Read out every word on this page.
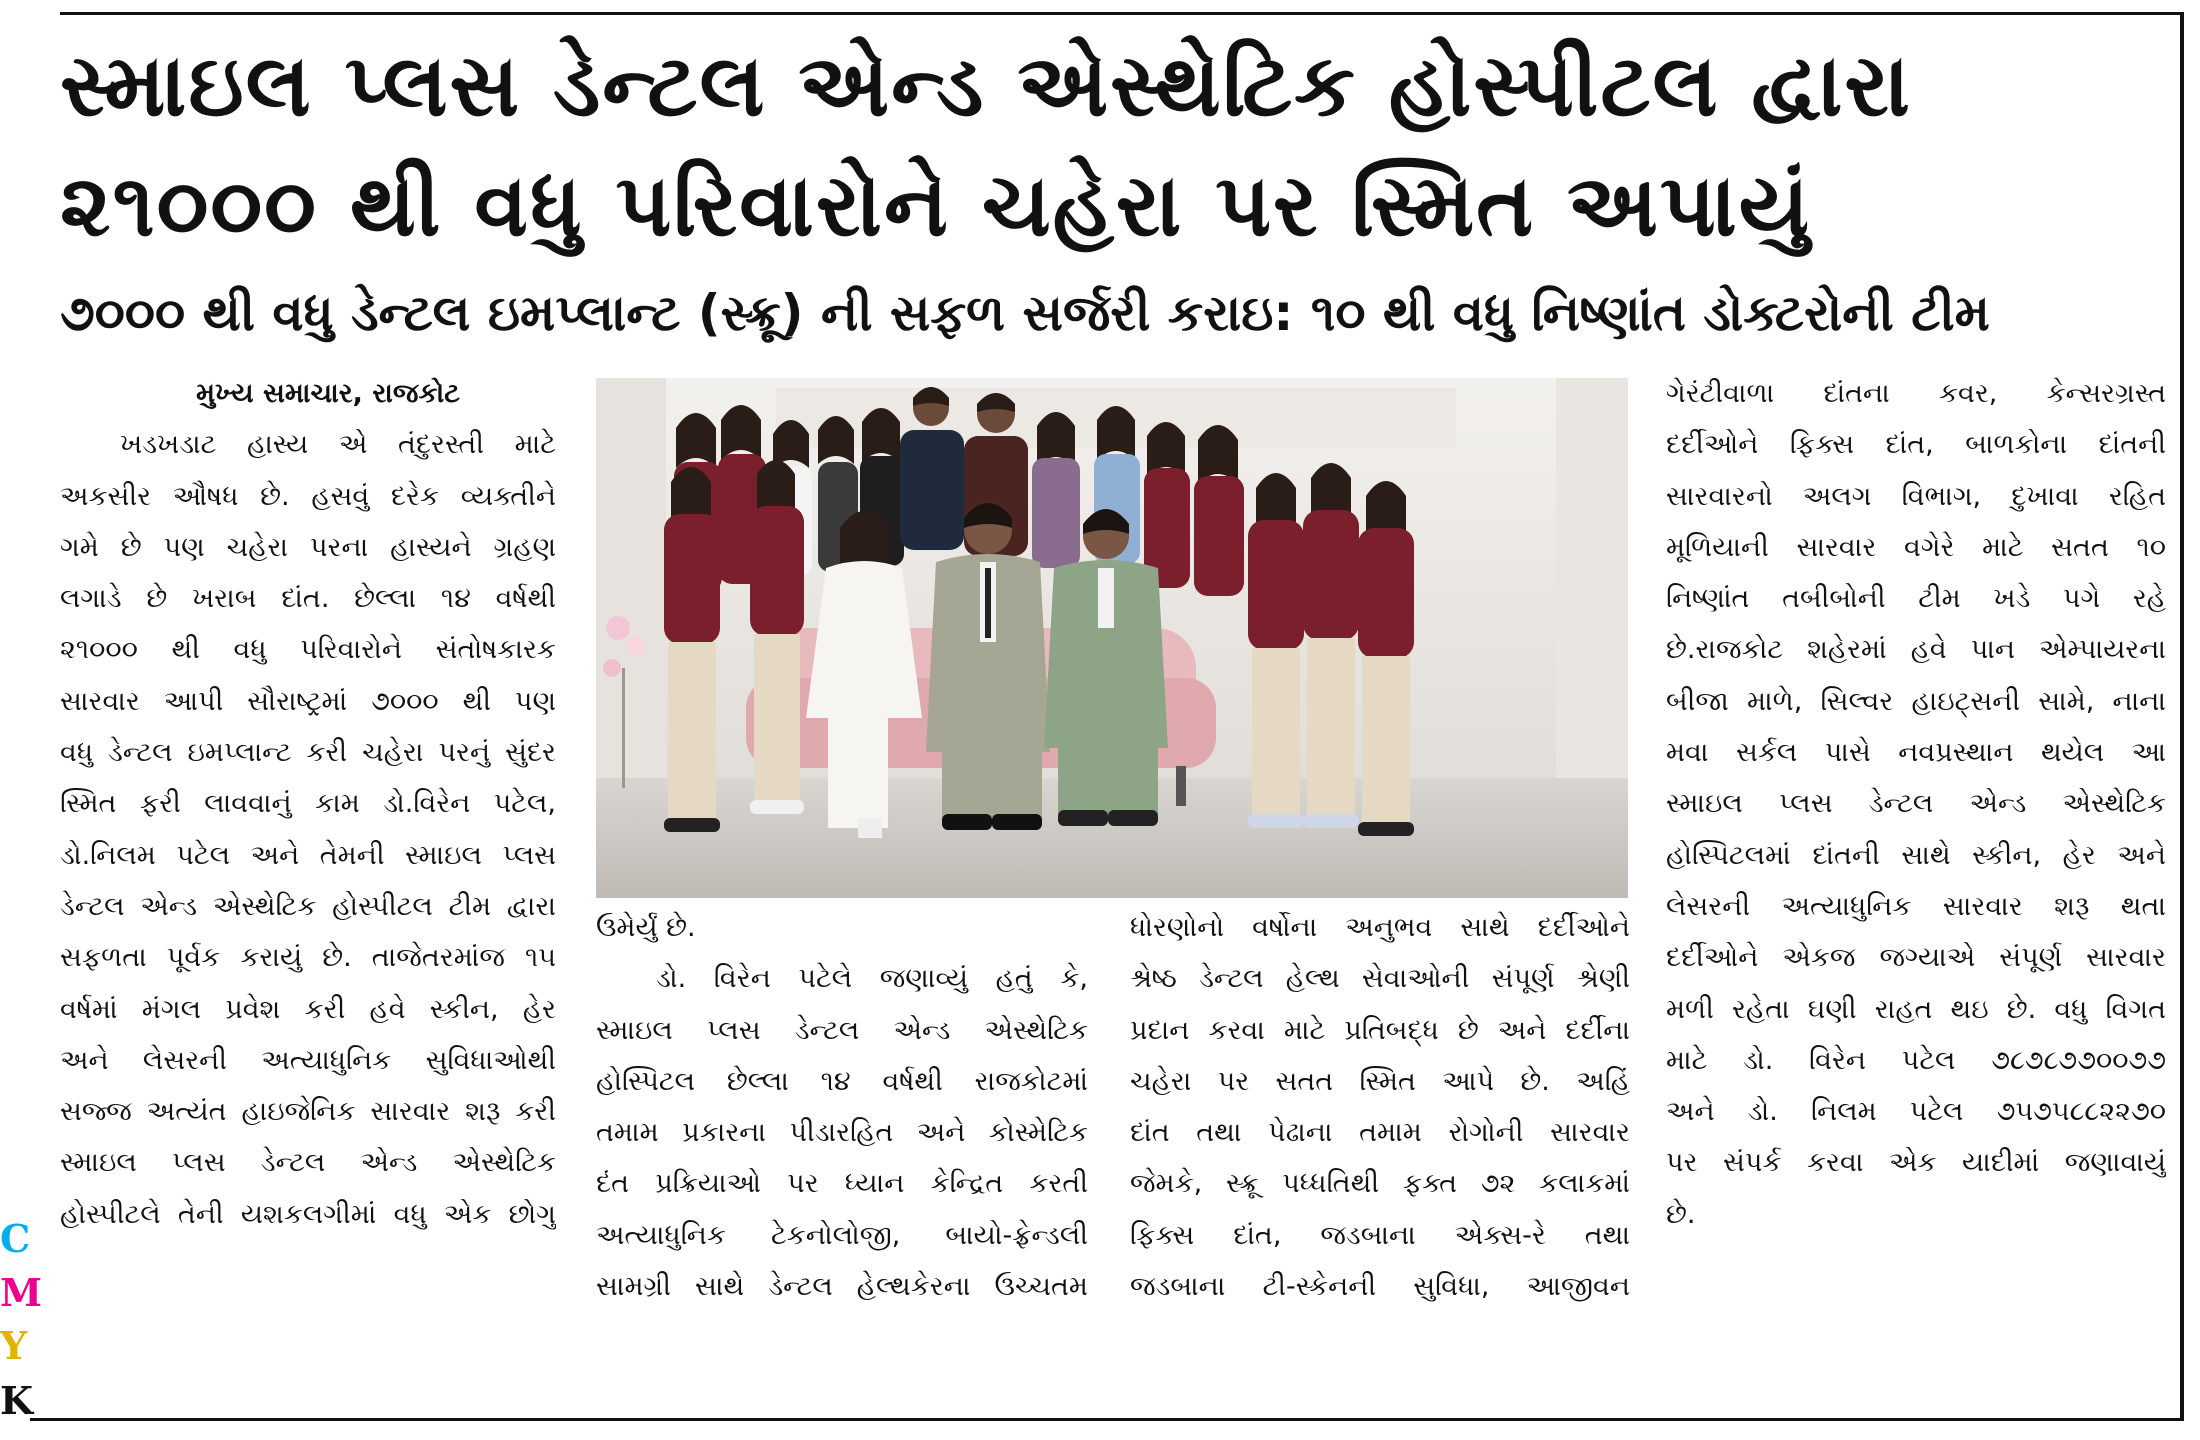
સ્માઇલ પ્લસ ડેન્ટલ એન્ડ એસ્થેટિક હોસ્પીટલ દ્વારા
૨૧૦૦૦ થી વધુ પરિવારોને ચહેરા પર સ્મિત અપાયું
૭૦૦૦ થી વધુ ડેન્ટલ ઇમપ્લાન્ટ (સ્ક્રૂ) ની સફળ સર્જરી કરાઇ: ૧૦ થી વધુ નિષ્ણાંત ડોક્ટરોની ટીમ
મુખ્ય સમાચાર, રાજકોટ
ખડખડાટ હાસ્ય એ તંદુરસ્તી માટે
અકસીર ઔષધ છે. હસવું દરેક વ્યક્તીને
ગમે છે પણ ચહેરા પરના હાસ્યને ગ્રહણ
લગાડે છે ખરાબ દાંત. છેલ્લા ૧૪ વર્ષથી
૨૧૦૦૦ થી વધુ પરિવારોને સંતોષકારક
સારવાર આપી સૌરાષ્ટ્રમાં ૭૦૦૦ થી પણ
વધુ ડેન્ટલ ઇમપ્લાન્ટ કરી ચહેરા પરનું સુંદર
સ્મિત ફરી લાવવાનું કામ ડો.વિરેન પટેલ,
ડો.નિલમ પટેલ અને તેમની સ્માઇલ પ્લસ
ડેન્ટલ એન્ડ એસ્થેટિક હોસ્પીટલ ટીમ દ્વારા
સફળતા પૂર્વક કરાયું છે. તાજેતરમાંજ ૧૫
વર્ષમાં મંગલ પ્રવેશ કરી હવે સ્કીન, હેર
અને લેસરની અત્યાધુનિક સુવિધાઓથી
સજ્જ અત્યંત હાઇજેનિક સારવાર શરૂ કરી
સ્માઇલ પ્લસ ડેન્ટલ એન્ડ એસ્થેટિક
હોસ્પીટલે તેની યશકલગીમાં વધુ એક છોગુ
ઉમેર્યું છે.
ડો. વિરેન પટેલે જણાવ્યું હતું કે,
સ્માઇલ પ્લસ ડેન્ટલ એન્ડ એસ્થેટિક
હોસ્પિટલ છેલ્લા ૧૪ વર્ષથી રાજકોટમાં
તમામ પ્રકારના પીડારહિત અને કોસ્મેટિક
દંત પ્રક્રિયાઓ પર ધ્યાન કેન્દ્રિત કરતી
અત્યાધુનિક ટેકનોલોજી, બાયો-ફ્રેન્ડલી
સામગ્રી સાથે ડેન્ટલ હેલ્થકેરના ઉચ્ચતમ
ધોરણોનો વર્ષોના અનુભવ સાથે દર્દીઓને
શ્રેષ્ઠ ડેન્ટલ હેલ્થ સેવાઓની સંપૂર્ણ શ્રેણી
પ્રદાન કરવા માટે પ્રતિબદ્ધ છે અને દર્દીના
ચહેરા પર સતત સ્મિત આપે છે. અહિં
દાંત તથા પેઢાના તમામ રોગોની સારવાર
જેમકે, સ્ક્રૂ પધ્ધતિથી ફક્ત ૭૨ કલાકમાં
ફિક્સ દાંત, જડબાના એક્સ-રે તથા
જડબાના ટી-સ્કેનની સુવિધા, આજીવન
ગેરંટીવાળા દાંતના કવર, કેન્સરગ્રસ્ત
દર્દીઓને ફિક્સ દાંત, બાળકોના દાંતની
સારવારનો અલગ વિભાગ, દુખાવા રહિત
મૂળિયાની સારવાર વગેરે માટે સતત ૧૦
નિષ્ણાંત તબીબોની ટીમ ખડે પગે રહે
છે.રાજકોટ શહેરમાં હવે પાન એમ્પાયરના
બીજા માળે, સિલ્વર હાઇટ્સની સામે, નાના
મવા સર્કલ પાસે નવપ્રસ્થાન થયેલ આ
સ્માઇલ પ્લસ ડેન્ટલ એન્ડ એસ્થેટિક
હોસ્પિટલમાં દાંતની સાથે સ્કીન, હેર અને
લેસરની અત્યાધુનિક સારવાર શરૂ થતા
દર્દીઓને એકજ જગ્યાએ સંપૂર્ણ સારવાર
મળી રહેતા ઘણી રાહત થઇ છે. વધુ વિગત
માટે ડો. વિરેન પટેલ ૭૮૭૮૭૭૦૦૭૭
અને ડો. નિલમ પટેલ ૭૫૭૫૮૮૨૨૭૦
પર સંપર્ક કરવા એક યાદીમાં જણાવાયું
છે.
C
M
Y
K
